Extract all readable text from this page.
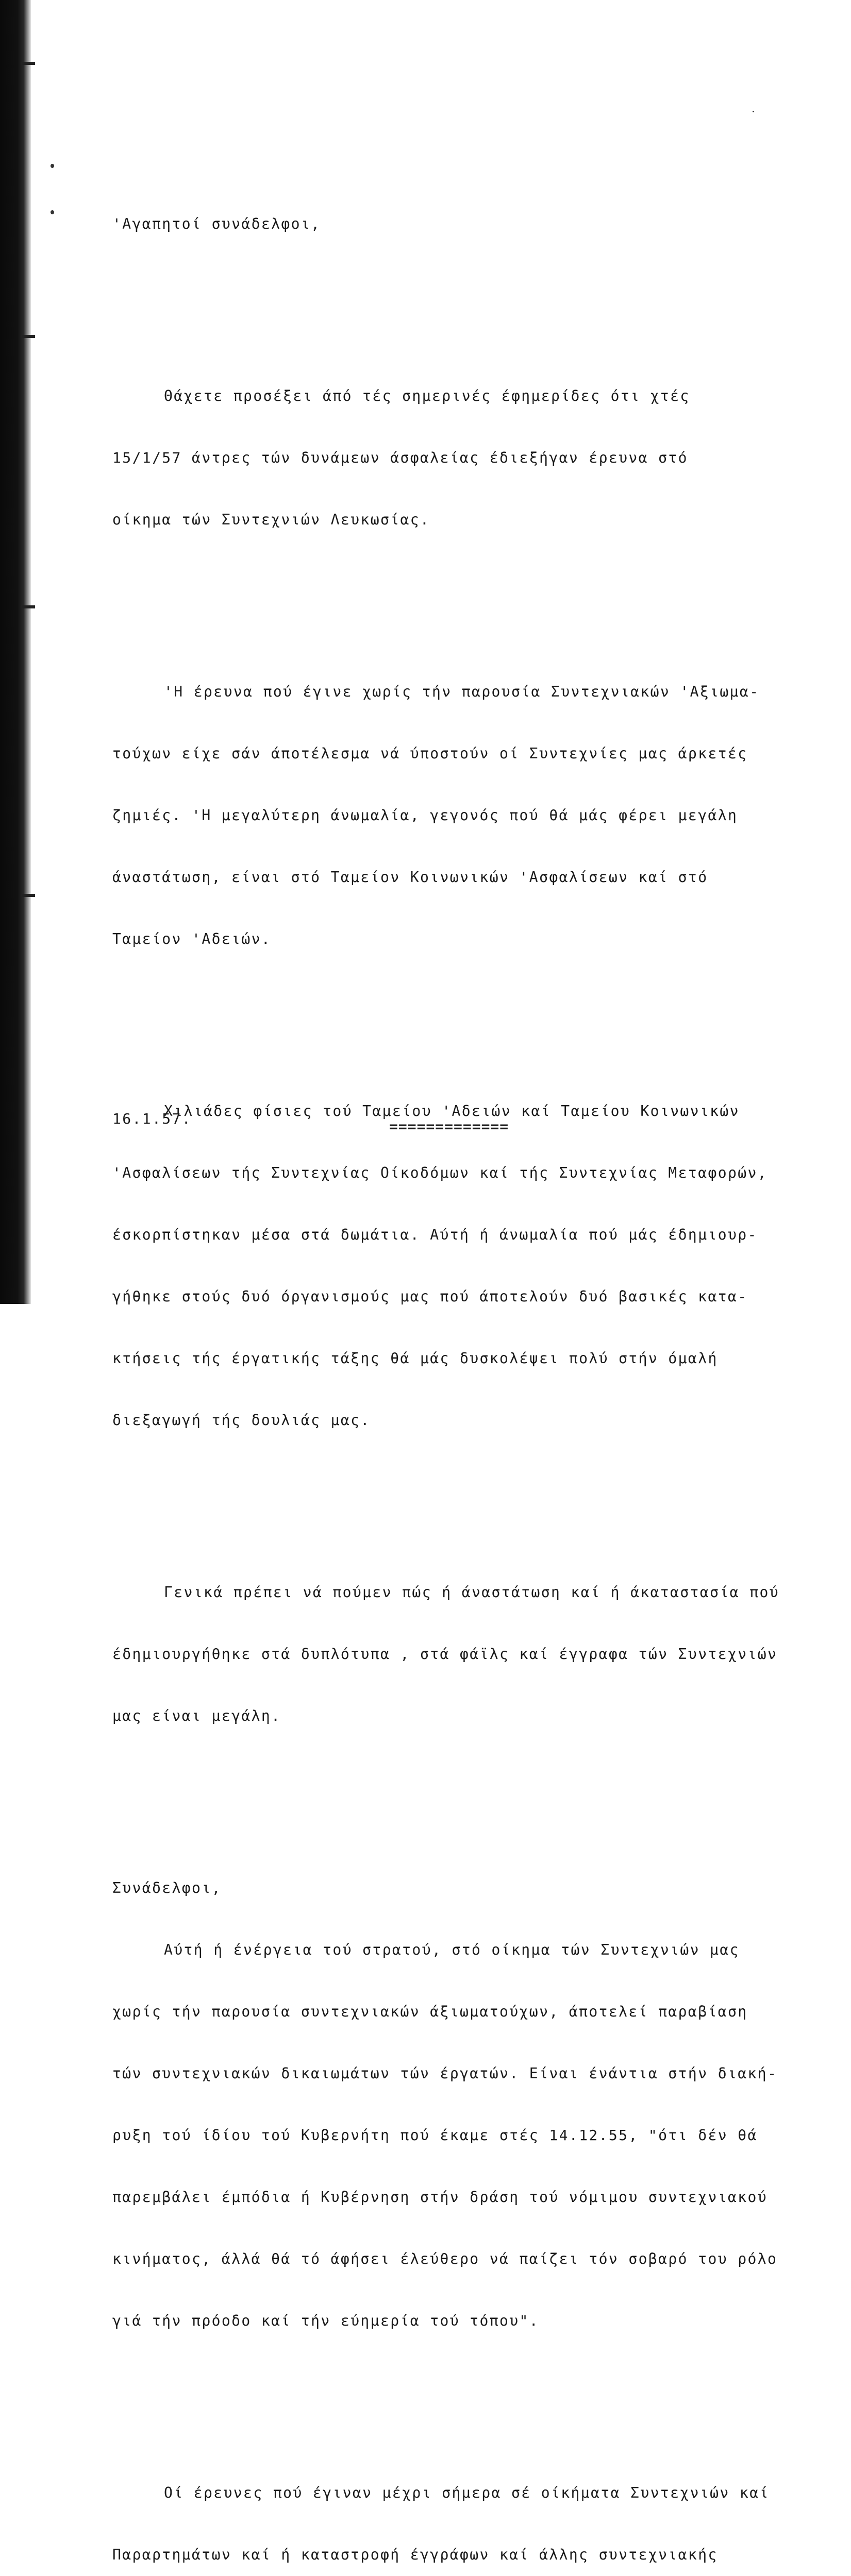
'Αγαπητοί συνάδελφοι,

Θάχετε προσέξει άπό τές σημερινές έφημερίδες ότι χτές

15/1/57 άντρες τών δυνάμεων άσφαλείας έδιεξήγαν έρευνα στό

οίκημα τών Συντεχνιών Λευκωσίας.

'Η έρευνα πού έγινε χωρίς τήν παρουσία Συντεχνιακών 'Αξιωμα-

τούχων είχε σάν άποτέλεσμα νά ύποστούν οί Συντεχνίες μας άρκετές

ζημιές. 'Η μεγαλύτερη άνωμαλία, γεγονός πού θά μάς φέρει μεγάλη

άναστάτωση, είναι στό Ταμείον Κοινωνικών 'Ασφαλίσεων καί στό

Ταμείον 'Αδειών.

Χιλιάδες φίσιες τού Ταμείου 'Αδειών καί Ταμείου Κοινωνικών

'Ασφαλίσεων τής Συντεχνίας Οίκοδόμων καί τής Συντεχνίας Μεταφορών,

έσκορπίστηκαν μέσα στά δωμάτια. Αύτή ή άνωμαλία πού μάς έδημιουρ-

γήθηκε στούς δυό όργανισμούς μας πού άποτελούν δυό βασικές κατα-

κτήσεις τής έργατικής τάξης θά μάς δυσκολέψει πολύ στήν όμαλή

διεξαγωγή τής δουλιάς μας.

Γενικά πρέπει νά πούμεν πώς ή άναστάτωση καί ή άκαταστασία πού

έδημιουργήθηκε στά δυπλότυπα , στά φάϊλς καί έγγραφα τών Συντεχνιών

μας είναι μεγάλη.

Συνάδελφοι,

Αύτή ή ένέργεια τού στρατού, στό οίκημα τών Συντεχνιών μας

χωρίς τήν παρουσία συντεχνιακών άξιωματούχων, άποτελεί παραβίαση

τών συντεχνιακών δικαιωμάτων τών έργατών. Είναι ένάντια στήν διακή-

ρυξη τού ίδίου τού Κυβερνήτη πού έκαμε στές 14.12.55, "ότι δέν θά

παρεμβάλει έμπόδια ή Κυβέρνηση στήν δράση τού νόμιμου συντεχνιακού

κινήματος, άλλά θά τό άφήσει έλεύθερο νά παίζει τόν σοβαρό του ρόλο

γιά τήν πρόοδο καί τήν εύημερία τού τόπου".

Οί έρευνες πού έγιναν μέχρι σήμερα σέ οίκήματα Συντεχνιών καί

Παραρτημάτων καί ή καταστροφή έγγράφων καί άλλης συντεχνιακής

16.1.57.	=============
